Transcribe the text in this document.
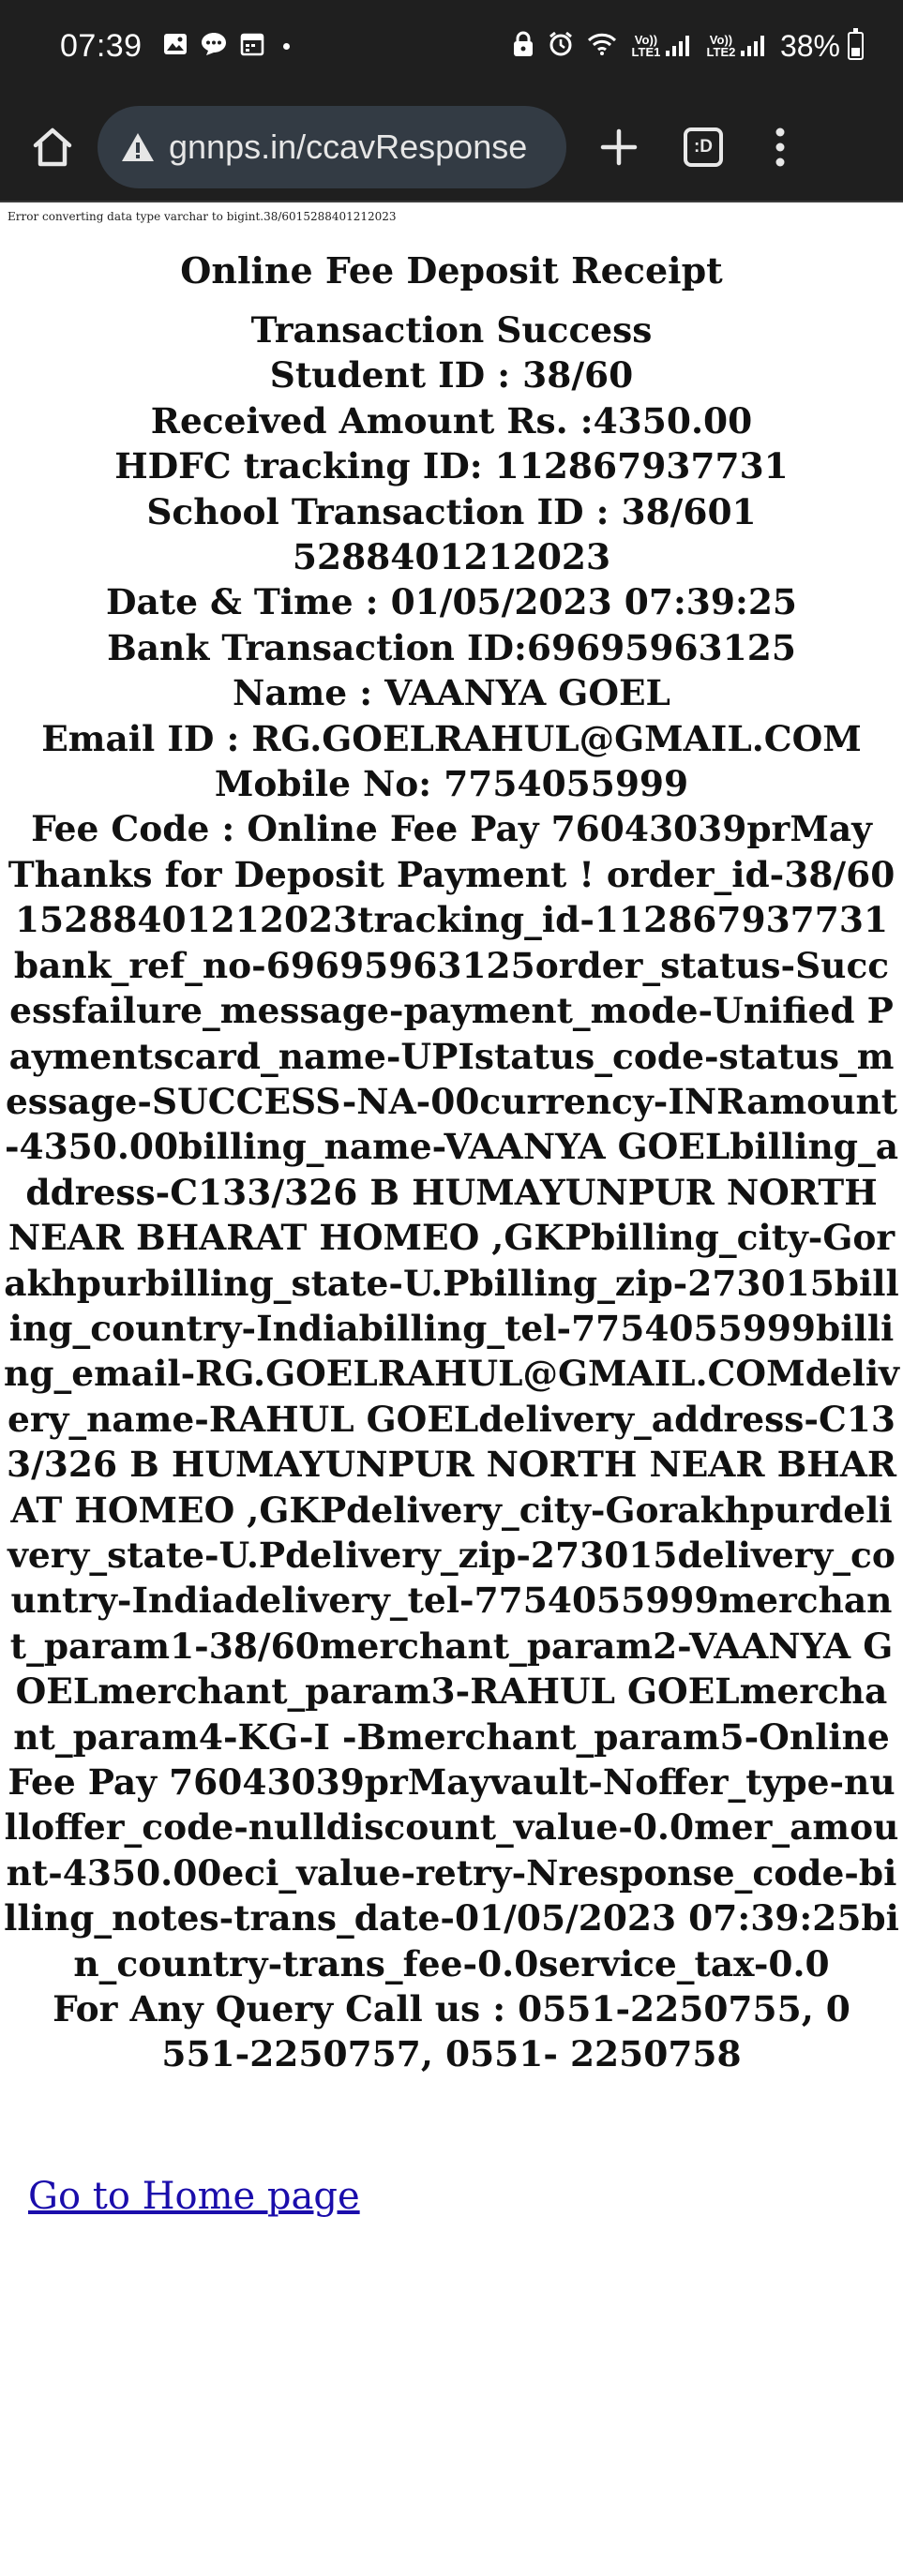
07:39	Vo)) LTE1
Vo)) LTE2 38%
gnnps.in/ccavResponse	:D
Error converting data type varchar to bigint.38/6015288401212023
Online Fee Deposit Receipt
Transaction Success
Student ID : 38/60
Received Amount Rs. :4350.00
HDFC tracking ID: 112867937731
School Transaction ID : 38/6015288401212023
Date & Time : 01/05/2023 07:39:25
Bank Transaction ID:69695963125
Name : VAANYA GOEL
Email ID : RG.GOELRAHUL@GMAIL.COM
Mobile No: 7754055999
Fee Code : Online Fee Pay 76043039prMay
Thanks for Deposit Payment ! order_id-38/6015288401212023tracking_id-112867937731bank_ref_no-69695963125order_status-Successfailure_message-payment_mode-Unified Paymentscard_name-UPIstatus_code-status_message-SUCCESS-NA-00currency-INRamount-4350.00billing_name-VAANYA GOELbilling_address-C133/326 B HUMAYUNPUR NORTH NEAR BHARAT HOMEO ,GKPbilling_city-Gorakhpurbilling_state-U.Pbilling_zip-273015billing_country-Indiabilling_tel-7754055999billing_email-RG.GOELRAHUL@GMAIL.COMdelivery_name-RAHUL GOELdelivery_address-C133/326 B HUMAYUNPUR NORTH NEAR BHARAT HOMEO ,GKPdelivery_city-Gorakhpurdelivery_state-U.Pdelivery_zip-273015delivery_country-Indiadelivery_tel-7754055999merchant_param1-38/60merchant_param2-VAANYA GOELmerchant_param3-RAHUL GOELmerchant_param4-KG-I -Bmerchant_param5-Online Fee Pay 76043039prMayvault-Noffer_type-nulloffer_code-nulldiscount_value-0.0mer_amount-4350.00eci_value-retry-Nresponse_code-billing_notes-trans_date-01/05/2023 07:39:25bin_country-trans_fee-0.0service_tax-0.0
For Any Query Call us : 0551-2250755, 0551-2250757, 0551- 2250758
Go to Home page
